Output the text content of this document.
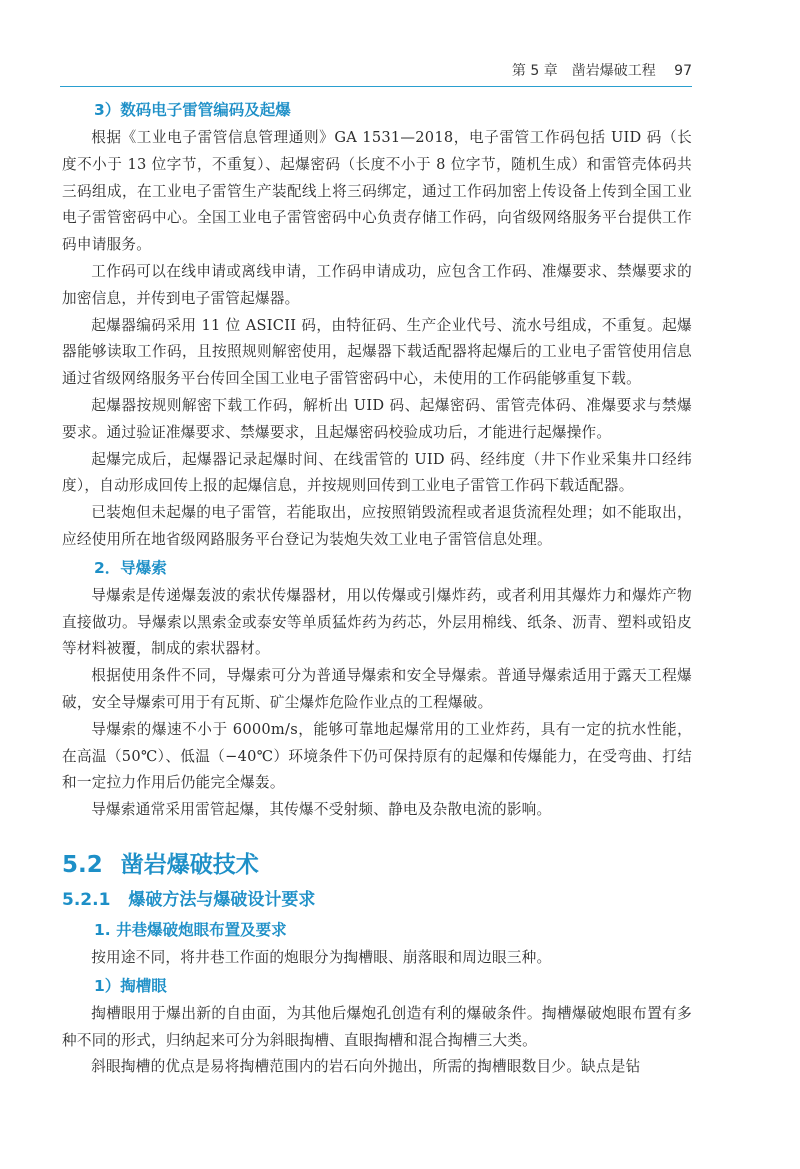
第 5 章　凿岩爆破工程 97
3）数码电子雷管编码及起爆

根据《工业电子雷管信息管理通则》GA 1531—2018，电子雷管工作码包括 UID 码（长度不小于 13 位字节，不重复）、起爆密码（长度不小于 8 位字节，随机生成）和雷管壳体码共三码组成，在工业电子雷管生产装配线上将三码绑定，通过工作码加密上传设备上传到全国工业电子雷管密码中心。全国工业电子雷管密码中心负责存储工作码，向省级网络服务平台提供工作码申请服务。

工作码可以在线申请或离线申请，工作码申请成功，应包含工作码、准爆要求、禁爆要求的加密信息，并传到电子雷管起爆器。

起爆器编码采用 11 位 ASICII 码，由特征码、生产企业代号、流水号组成，不重复。起爆器能够读取工作码，且按照规则解密使用，起爆器下载适配器将起爆后的工业电子雷管使用信息通过省级网络服务平台传回全国工业电子雷管密码中心，未使用的工作码能够重复下载。

起爆器按规则解密下载工作码，解析出 UID 码、起爆密码、雷管壳体码、准爆要求与禁爆要求。通过验证准爆要求、禁爆要求，且起爆密码校验成功后，才能进行起爆操作。

起爆完成后，起爆器记录起爆时间、在线雷管的 UID 码、经纬度（井下作业采集井口经纬度），自动形成回传上报的起爆信息，并按规则回传到工业电子雷管工作码下载适配器。

已装炮但未起爆的电子雷管，若能取出，应按照销毁流程或者退货流程处理；如不能取出，应经使用所在地省级网路服务平台登记为装炮失效工业电子雷管信息处理。

2．导爆索

导爆索是传递爆轰波的索状传爆器材，用以传爆或引爆炸药，或者利用其爆炸力和爆炸产物直接做功。导爆索以黑索金或泰安等单质猛炸药为药芯，外层用棉线、纸条、沥青、塑料或铅皮等材料被覆，制成的索状器材。

根据使用条件不同，导爆索可分为普通导爆索和安全导爆索。普通导爆索适用于露天工程爆破，安全导爆索可用于有瓦斯、矿尘爆炸危险作业点的工程爆破。

导爆索的爆速不小于 6000m/s，能够可靠地起爆常用的工业炸药，具有一定的抗水性能，在高温（50℃）、低温（−40℃）环境条件下仍可保持原有的起爆和传爆能力，在受弯曲、打结和一定拉力作用后仍能完全爆轰。

导爆索通常采用雷管起爆，其传爆不受射频、静电及杂散电流的影响。

5.2 凿岩爆破技术
5.2.1 爆破方法与爆破设计要求
1. 井巷爆破炮眼布置及要求

按用途不同，将井巷工作面的炮眼分为掏槽眼、崩落眼和周边眼三种。

1）掏槽眼

掏槽眼用于爆出新的自由面，为其他后爆炮孔创造有利的爆破条件。掏槽爆破炮眼布置有多种不同的形式，归纳起来可分为斜眼掏槽、直眼掏槽和混合掏槽三大类。

斜眼掏槽的优点是易将掏槽范围内的岩石向外抛出，所需的掏槽眼数目少。缺点是钻
